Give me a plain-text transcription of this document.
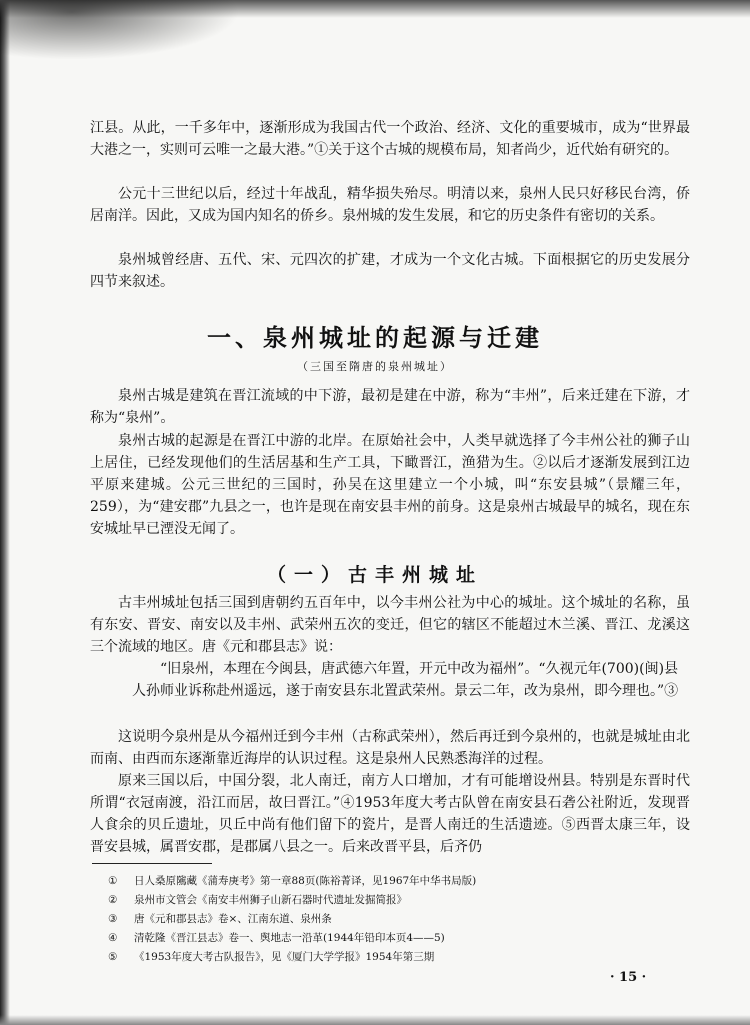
江县。从此，一千多年中，逐渐形成为我国古代一个政治、经济、文化的重要城市，成为“世界最大港之一，实则可云唯一之最大港。”①关于这个古城的规模布局，知者尚少，近代始有研究的。

公元十三世纪以后，经过十年战乱，精华损失殆尽。明清以来，泉州人民只好移民台湾，侨居南洋。因此，又成为国内知名的侨乡。泉州城的发生发展，和它的历史条件有密切的关系。

泉州城曾经唐、五代、宋、元四次的扩建，才成为一个文化古城。下面根据它的历史发展分四节来叙述。

一、泉州城址的起源与迁建

（三国至隋唐的泉州城址）

泉州古城是建筑在晋江流域的中下游，最初是建在中游，称为“丰州”，后来迁建在下游，才称为“泉州”。

泉州古城的起源是在晋江中游的北岸。在原始社会中，人类早就选择了今丰州公社的狮子山上居住，已经发现他们的生活居基和生产工具，下瞰晋江，渔猎为生。②以后才逐渐发展到江边平原来建城。公元三世纪的三国时，孙吴在这里建立一个小城，叫“东安县城”（景耀三年，259），为“建安郡”九县之一，也许是现在南安县丰州的前身。这是泉州古城最早的城名，现在东安城址早已湮没无闻了。

（一）古丰州城址

古丰州城址包括三国到唐朝约五百年中，以今丰州公社为中心的城址。这个城址的名称，虽有东安、晋安、南安以及丰州、武荣州五次的变迁，但它的辖区不能超过木兰溪、晋江、龙溪这三个流域的地区。唐《元和郡县志》说：

“旧泉州，本理在今闽县，唐武德六年置，开元中改为福州”。“久视元年(700)(闽)县人孙师业诉称赴州遥远，遂于南安县东北置武荣州。景云二年，改为泉州，即今理也。”③

这说明今泉州是从今福州迁到今丰州（古称武荣州），然后再迁到今泉州的，也就是城址由北而南、由西而东逐渐靠近海岸的认识过程。这是泉州人民熟悉海洋的过程。

原来三国以后，中国分裂，北人南迁，南方人口增加，才有可能增设州县。特别是东晋时代所谓“衣冠南渡，沿江而居，故曰晋江。”④1953年度大考古队曾在南安县石砻公社附近，发现晋人食余的贝丘遗址，贝丘中尚有他们留下的瓷片，是晋人南迁的生活遗迹。⑤西晋太康三年，设晋安县城，属晋安郡，是郡属八县之一。后来改晋平县，后齐仍

① 日人桑原隲藏《蒲寿庚考》第一章88页(陈裕菁译，见1967年中华书局版)
② 泉州市文管会《南安丰州狮子山新石器时代遗址发掘简报》
③ 唐《元和郡县志》卷×、江南东道、泉州条
④ 清乾隆《晋江县志》卷一、舆地志一沿革(1944年铅印本页4——5)
⑤ 《1953年度大考古队报告》，见《厦门大学学报》1954年第三期
· 15 ·
